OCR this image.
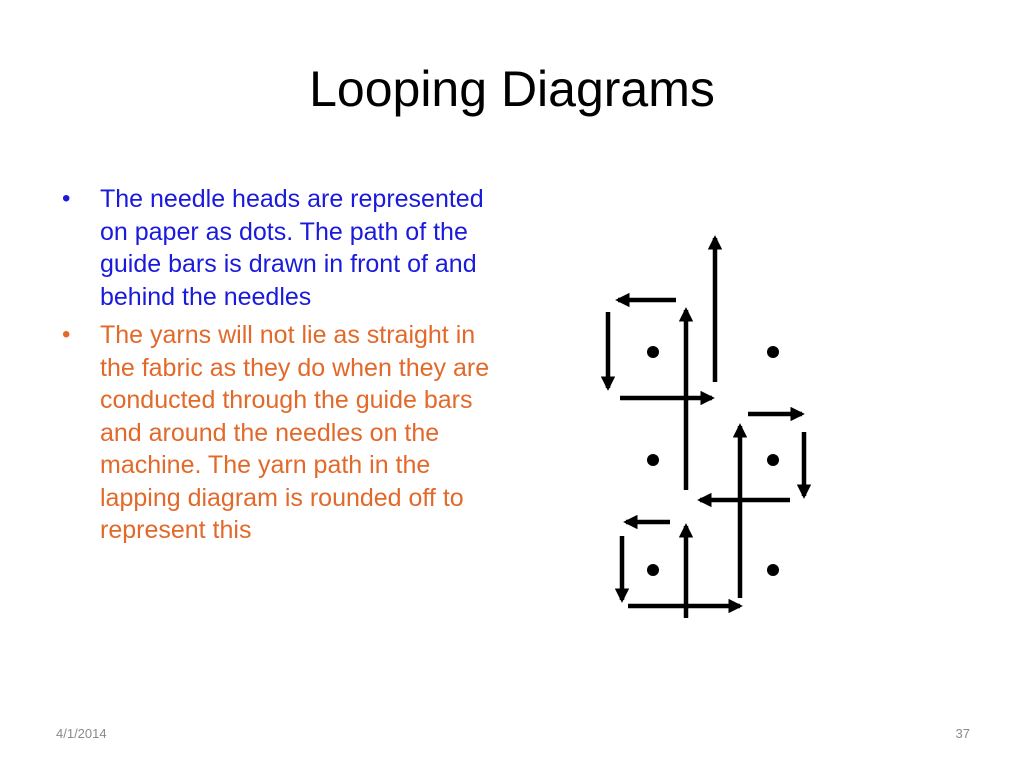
Looping Diagrams
• The needle heads are represented on paper as dots. The path of the guide bars is drawn in front of and behind the needles
• The yarns will not lie as straight in the fabric as they do when they are conducted through the guide bars and around the needles on the machine. The yarn path in the lapping diagram is rounded off to represent this
4/1/2014	37
